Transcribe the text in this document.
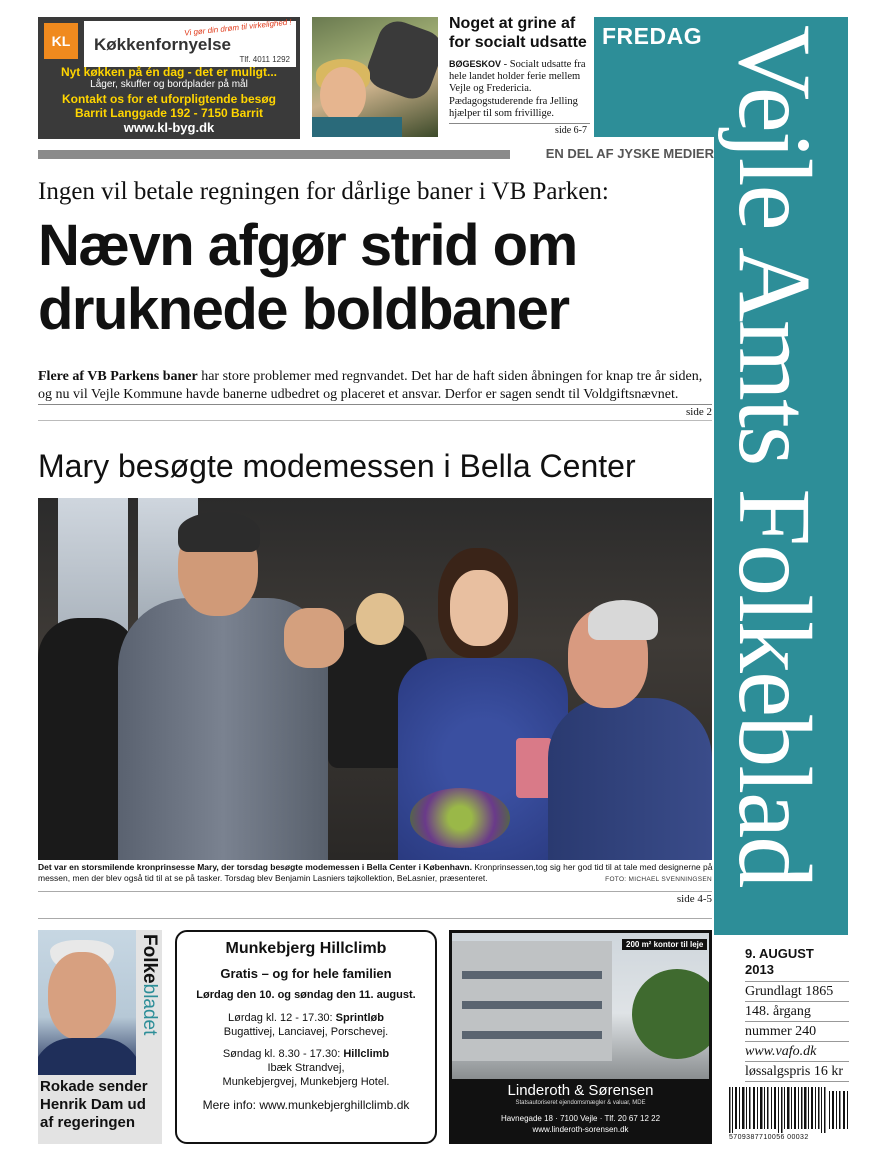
KL
Vi gør din drøm til virkelighed !
Køkkenfornyelse
Tlf. 4011 1292
Nyt køkken på én dag - det er muligt...
Låger, skuffer og bordplader på mål
Kontakt os for et uforpligtende besøg
Barrit Langgade 192 - 7150 Barrit
www.kl-byg.dk
Noget at grine af for socialt udsatte
BØGESKOV - Socialt udsatte fra hele landet holder ferie mellem Vejle og Fredericia. Pædagogstuderende fra Jelling hjælper til som frivillige.
side 6-7
FREDAG Vejle Amts Folkeblad
EN DEL AF JYSKE MEDIER
Ingen vil betale regningen for dårlige baner i VB Parken:
Nævn afgør strid om
druknede boldbaner
Flere af VB Parkens baner har store problemer med regnvandet. Det har de haft siden åbningen for knap tre år siden, og nu vil Vejle Kommune havde banerne udbedret og placeret et ansvar. Derfor er sagen sendt til Voldgiftsnævnet.
side 2
Mary besøgte modemessen i Bella Center
Det var en storsmilende kronprinsesse Mary, der torsdag besøgte modemessen i Bella Center i København. Kronprinsessen,tog sig her god tid til at tale med designerne på messen, men der blev også tid til at se på tasker. Torsdag blev Benjamin Lasniers tøjkollektion, BeLasnier, præsenteret.	FOTO: MICHAEL SVENNINGSEN
side 4-5
Folkebladet
Rokade sender Henrik Dam ud af regeringen
Munkebjerg Hillclimb
Gratis – og for hele familien
Lørdag den 10. og søndag den 11. august.
Lørdag kl. 12 - 17.30: Sprintløb
Bugattivej, Lanciavej, Porschevej.
Søndag kl. 8.30 - 17.30: Hillclimb
Ibæk Strandvej,
Munkebjergvej, Munkebjerg Hotel.
Mere info: www.munkebjerghillclimb.dk
200 m² kontor til leje
Linderoth & Sørensen
Statsautoriseret ejendomsmægler & valuar, MDE
Havnegade 18 · 7100 Vejle · Tlf. 20 67 12 22
www.linderoth-sorensen.dk
9. AUGUST
2013
Grundlagt 1865
148. årgang
nummer 240
www.vafo.dk
løssalgspris 16 kr
5709387710056 00032
